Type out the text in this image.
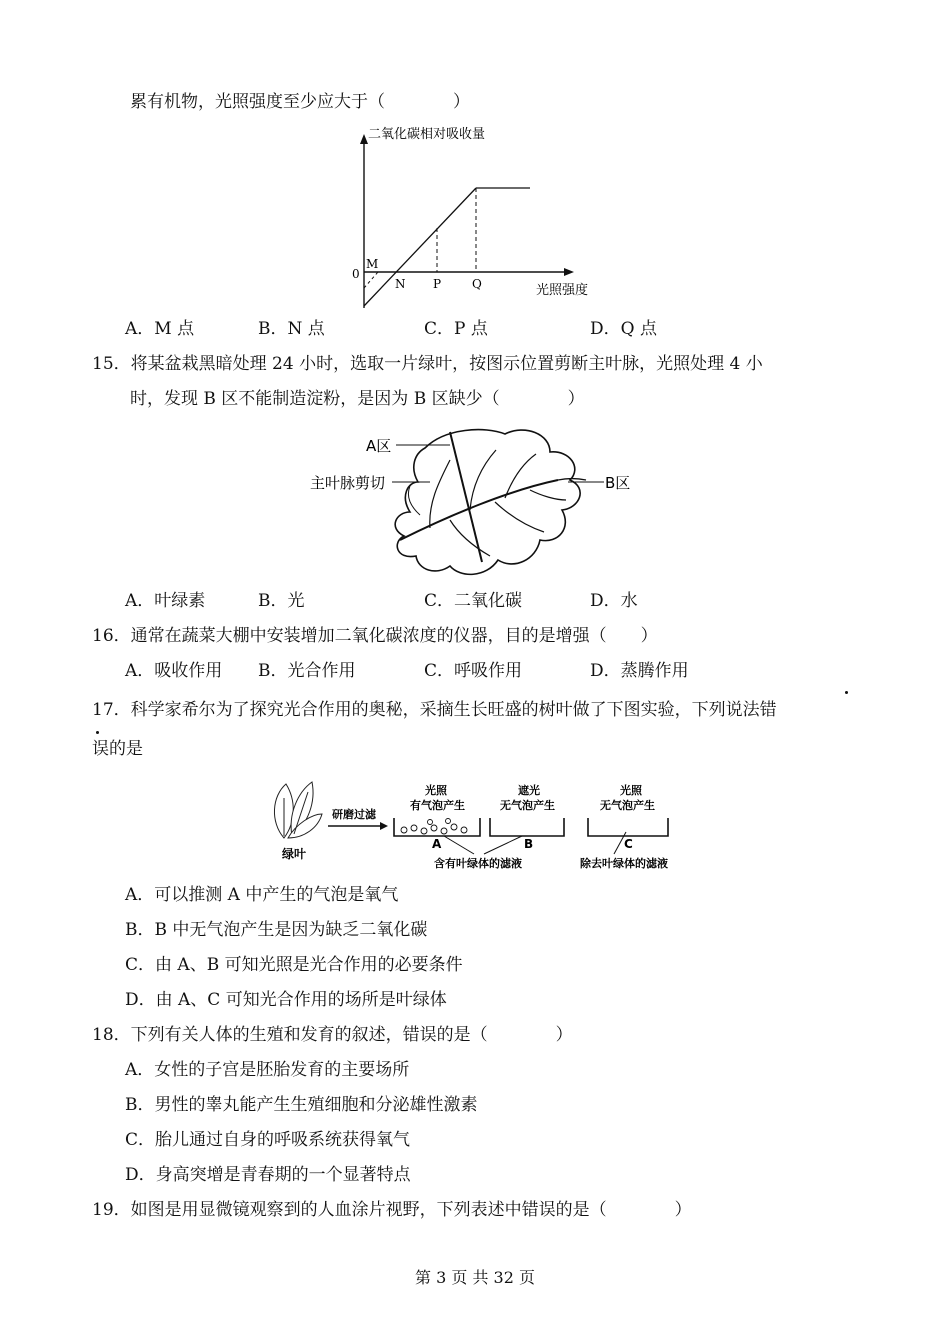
累有机物，光照强度至少应大于（　　　　）
二氧化碳相对吸收量
光照强度
0
M
N P	Q
A．M 点	B．N 点	C．P 点	D．Q 点
15．将某盆栽黑暗处理 24 小时，选取一片绿叶，按图示位置剪断主叶脉，光照处理 4 小
时，发现 B 区不能制造淀粉，是因为 B 区缺少（　　　　）
A区
主叶脉剪切	B区
A．叶绿素	B．光	C．二氧化碳	D．水
16．通常在蔬菜大棚中安装增加二氧化碳浓度的仪器，目的是增强（　　）
A．吸收作用 B．光合作用	C．呼吸作用	D．蒸腾作用
17．科学家希尔为了探究光合作用的奥秘，采摘生长旺盛的树叶做了下图实验，下列说法错
误的是
绿叶
研磨过滤
光照
有气泡产生
A
遮光
无气泡产生
B
光照
无气泡产生
C
含有叶绿体的滤液	除去叶绿体的滤液
A．可以推测 A 中产生的气泡是氧气
B．B 中无气泡产生是因为缺乏二氧化碳
C．由 A、B 可知光照是光合作用的必要条件
D．由 A、C 可知光合作用的场所是叶绿体
18．下列有关人体的生殖和发育的叙述，错误的是（　　　　）
A．女性的子宫是胚胎发育的主要场所
B．男性的睾丸能产生生殖细胞和分泌雄性激素
C．胎儿通过自身的呼吸系统获得氧气
D．身高突增是青春期的一个显著特点
19．如图是用显微镜观察到的人血涂片视野，下列表述中错误的是（　　　　）
第 3 页 共 32 页
